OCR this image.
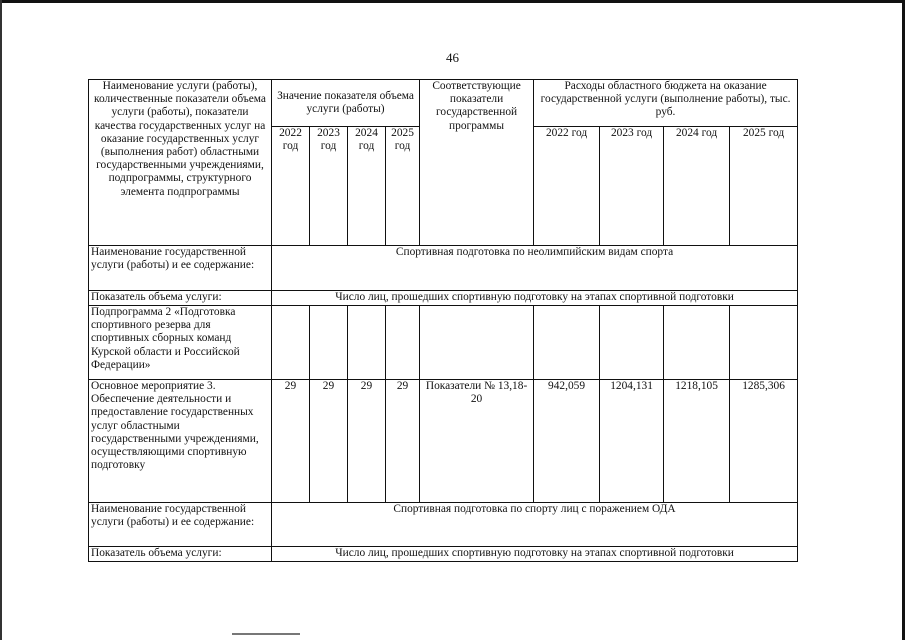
46
Наименование услуги (работы), количественные показатели объема услуги (работы), показатели качества государственных услуг на оказание государственных услуг (выполнения работ) областными государственными учреждениями, подпрограммы, структурного элемента подпрограммы	Значение показателя объема услуги (работы)				Соответствующие показатели государственной программы	Расходы областного бюджета на оказание государственной услуги (выполнение работы), тыс. руб.			
	2022 год	2023 год	2024 год	2025 год		2022 год	2023 год	2024 год	2025 год
Наименование государственной услуги (работы) и ее содержание:	Спортивная подготовка по неолимпийским видам спорта								
Показатель объема услуги:	Число лиц, прошедших спортивную подготовку на этапах спортивной подготовки								
Подпрограмма 2 «Подготовка спортивного резерва для спортивных сборных команд Курской области и Российской Федерации»									
Основное мероприятие 3. Обеспечение деятельности и предоставление государственных услуг областными государственными учреждениями, осуществляющими спортивную подготовку	29	29	29	29	Показатели № 13,18-20	942,059	1204,131	1218,105	1285,306
Наименование государственной услуги (работы) и ее содержание:	Спортивная подготовка по спорту лиц с поражением ОДА								
Показатель объема услуги:	Число лиц, прошедших спортивную подготовку на этапах спортивной подготовки								
